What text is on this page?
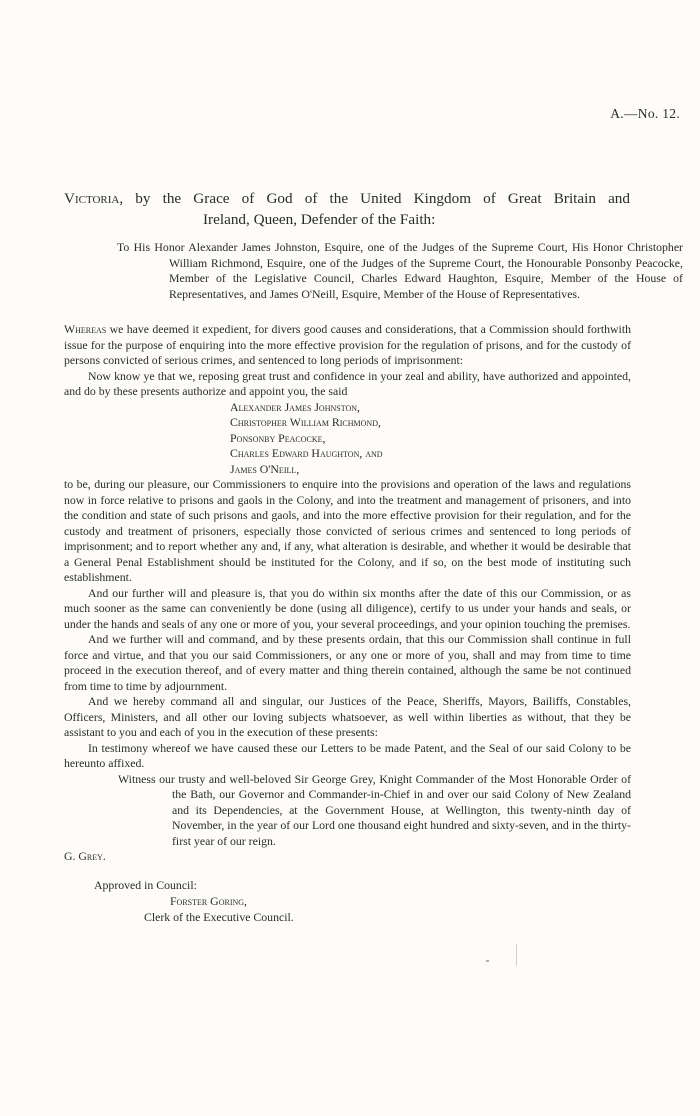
A.—No. 12.
Victoria, by the Grace of God of the United Kingdom of Great Britain and
Ireland, Queen, Defender of the Faith:
To His Honor Alexander James Johnston, Esquire, one of the Judges of the Supreme Court, His Honor Christopher William Richmond, Esquire, one of the Judges of the Supreme Court, the Honourable Ponsonby Peacocke, Member of the Legislative Council, Charles Edward Haughton, Esquire, Member of the House of Representatives, and James O'Neill, Esquire, Member of the House of Representatives.

Whereas we have deemed it expedient, for divers good causes and considerations, that a Commission should forthwith issue for the purpose of enquiring into the more effective provision for the regulation of prisons, and for the custody of persons convicted of serious crimes, and sentenced to long periods of imprisonment:

Now know ye that we, reposing great trust and confidence in your zeal and ability, have authorized and appointed, and do by these presents authorize and appoint you, the said

Alexander James Johnston,
Christopher William Richmond,
Ponsonby Peacocke,
Charles Edward Haughton, and
James O'Neill,

to be, during our pleasure, our Commissioners to enquire into the provisions and operation of the laws and regulations now in force relative to prisons and gaols in the Colony, and into the treatment and management of prisoners, and into the condition and state of such prisons and gaols, and into the more effective provision for their regulation, and for the custody and treatment of prisoners, especially those convicted of serious crimes and sentenced to long periods of imprisonment; and to report whether any and, if any, what alteration is desirable, and whether it would be desirable that a General Penal Establishment should be instituted for the Colony, and if so, on the best mode of instituting such establishment.

And our further will and pleasure is, that you do within six months after the date of this our Commission, or as much sooner as the same can conveniently be done (using all diligence), certify to us under your hands and seals, or under the hands and seals of any one or more of you, your several proceedings, and your opinion touching the premises.

And we further will and command, and by these presents ordain, that this our Commission shall continue in full force and virtue, and that you our said Commissioners, or any one or more of you, shall and may from time to time proceed in the execution thereof, and of every matter and thing therein contained, although the same be not continued from time to time by adjournment.

And we hereby command all and singular, our Justices of the Peace, Sheriffs, Mayors, Bailiffs, Constables, Officers, Ministers, and all other our loving subjects whatsoever, as well within liberties as without, that they be assistant to you and each of you in the execution of these presents:

In testimony whereof we have caused these our Letters to be made Patent, and the Seal of our said Colony to be hereunto affixed.

Witness our trusty and well-beloved Sir George Grey, Knight Commander of the Most Honorable Order of the Bath, our Governor and Commander-in-Chief in and over our said Colony of New Zealand and its Dependencies, at the Government House, at Wellington, this twenty-ninth day of November, in the year of our Lord one thousand eight hundred and sixty-seven, and in the thirty-first year of our reign.

G. Grey.

Approved in Council:
Forster Goring,
Clerk of the Executive Council.
